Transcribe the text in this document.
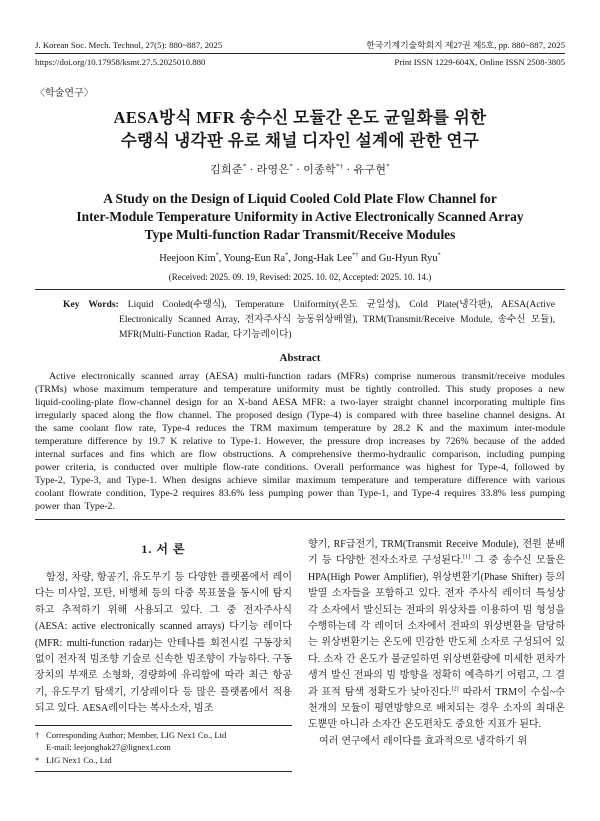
J. Korean Soc. Mech. Technol, 27(5): 880~887, 2025	한국기계기술학회지 제27권 제5호, pp. 880~887, 2025
https://doi.org/10.17958/ksmt.27.5.2025010.880	Print ISSN 1229-604X, Online ISSN 2508-3805
〈학술연구〉
AESA방식 MFR 송수신 모듈간 온도 균일화를 위한
수랭식 냉각판 유로 채널 디자인 설계에 관한 연구
김희준* · 라영은* · 이종학*† · 유구현*
A Study on the Design of Liquid Cooled Cold Plate Flow Channel for
Inter-Module Temperature Uniformity in Active Electronically Scanned Array
Type Multi-function Radar Transmit/Receive Modules
Heejoon Kim*, Young-Eun Ra*, Jong-Hak Lee*† and Gu-Hyun Ryu*
(Received: 2025. 09. 19, Revised: 2025. 10. 02, Accepted: 2025. 10. 14.)

Key Words: Liquid Cooled(수랭식), Temperature Uniformity(온도 균일성), Cold Plate(냉각판), AESA(Active Electronically Scanned Array, 전자주사식 능동위상배열), TRM(Transmit/Receive Module, 송수신 모듈), MFR(Multi-Function Radar, 다기능레이다)

Abstract

Active electronically scanned array (AESA) multi-function radars (MFRs) comprise numerous transmit/receive modules (TRMs) whose maximum temperature and temperature uniformity must be tightly controlled. This study proposes a new liquid-cooling-plate flow-channel design for an X-band AESA MFR: a two-layer straight channel incorporating multiple fins irregularly spaced along the flow channel. The proposed design (Type-4) is compared with three baseline channel designs. At the same coolant flow rate, Type-4 reduces the TRM maximum temperature by 28.2 K and the maximum inter-module temperature difference by 19.7 K relative to Type-1. However, the pressure drop increases by 726% because of the added internal surfaces and fins which are flow obstructions. A comprehensive thermo-hydraulic comparison, including pumping power criteria, is conducted over multiple flow-rate conditions. Overall performance was highest for Type-4, followed by Type-2, Type-3, and Type-1. When designs achieve similar maximum temperature and temperature difference with various coolant flowrate condition, Type-2 requires 83.6% less pumping power than Type-1, and Type-4 requires 33.8% less pumping power than Type-2.

1. 서 론

함정, 차량, 항공기, 유도무기 등 다양한 플랫폼에서 레이다는 미사일, 포탄, 비행체 등의 다중 목표물을 동시에 탐지하고 추적하기 위해 사용되고 있다. 그 중 전자주사식(AESA: active electronically scanned arrays) 다기능 레이다(MFR: multi-function radar)는 안테나를 회전시킬 구동장치 없이 전자적 빔조향 기술로 신속한 빔조향이 가능하다. 구동장치의 부재로 소형화, 경량화에 유리함에 따라 최근 항공기, 유도무기 탐색기, 기상레이다 등 많은 플랫폼에서 적용되고 있다. AESA레이다는 복사소자, 빔조

† Corresponding Author; Member, LIG Nex1 Co., Ltd
E-mail: leejonghak27@lignex1.com
* LIG Nex1 Co., Ltd

향기, RF급전기, TRM(Transmit Receive Module), 전원 분배기 등 다양한 전자소자로 구성된다.[1] 그 중 송수신 모듈은 HPA(High Power Amplifier), 위상변환기(Phase Shifter) 등의 발열 소자들을 포함하고 있다. 전자 주사식 레이더 특성상 각 소자에서 발신되는 전파의 위상차를 이용하여 빔 형성을 수행하는데 각 레이더 소자에서 전파의 위상변환을 담당하는 위상변환기는 온도에 민감한 반도체 소자로 구성되어 있다. 소자 간 온도가 불균일하면 위상변환량에 미세한 편차가 생겨 발신 전파의 빔 방향을 정확히 예측하기 어렵고, 그 결과 표적 탐색 정확도가 낮아진다.[2] 따라서 TRM이 수십~수천개의 모듈이 평면방향으로 배치되는 경우 소자의 최대온도뿐만 아니라 소자간 온도편차도 중요한 지표가 된다.

여러 연구에서 레이다를 효과적으로 냉각하기 위
